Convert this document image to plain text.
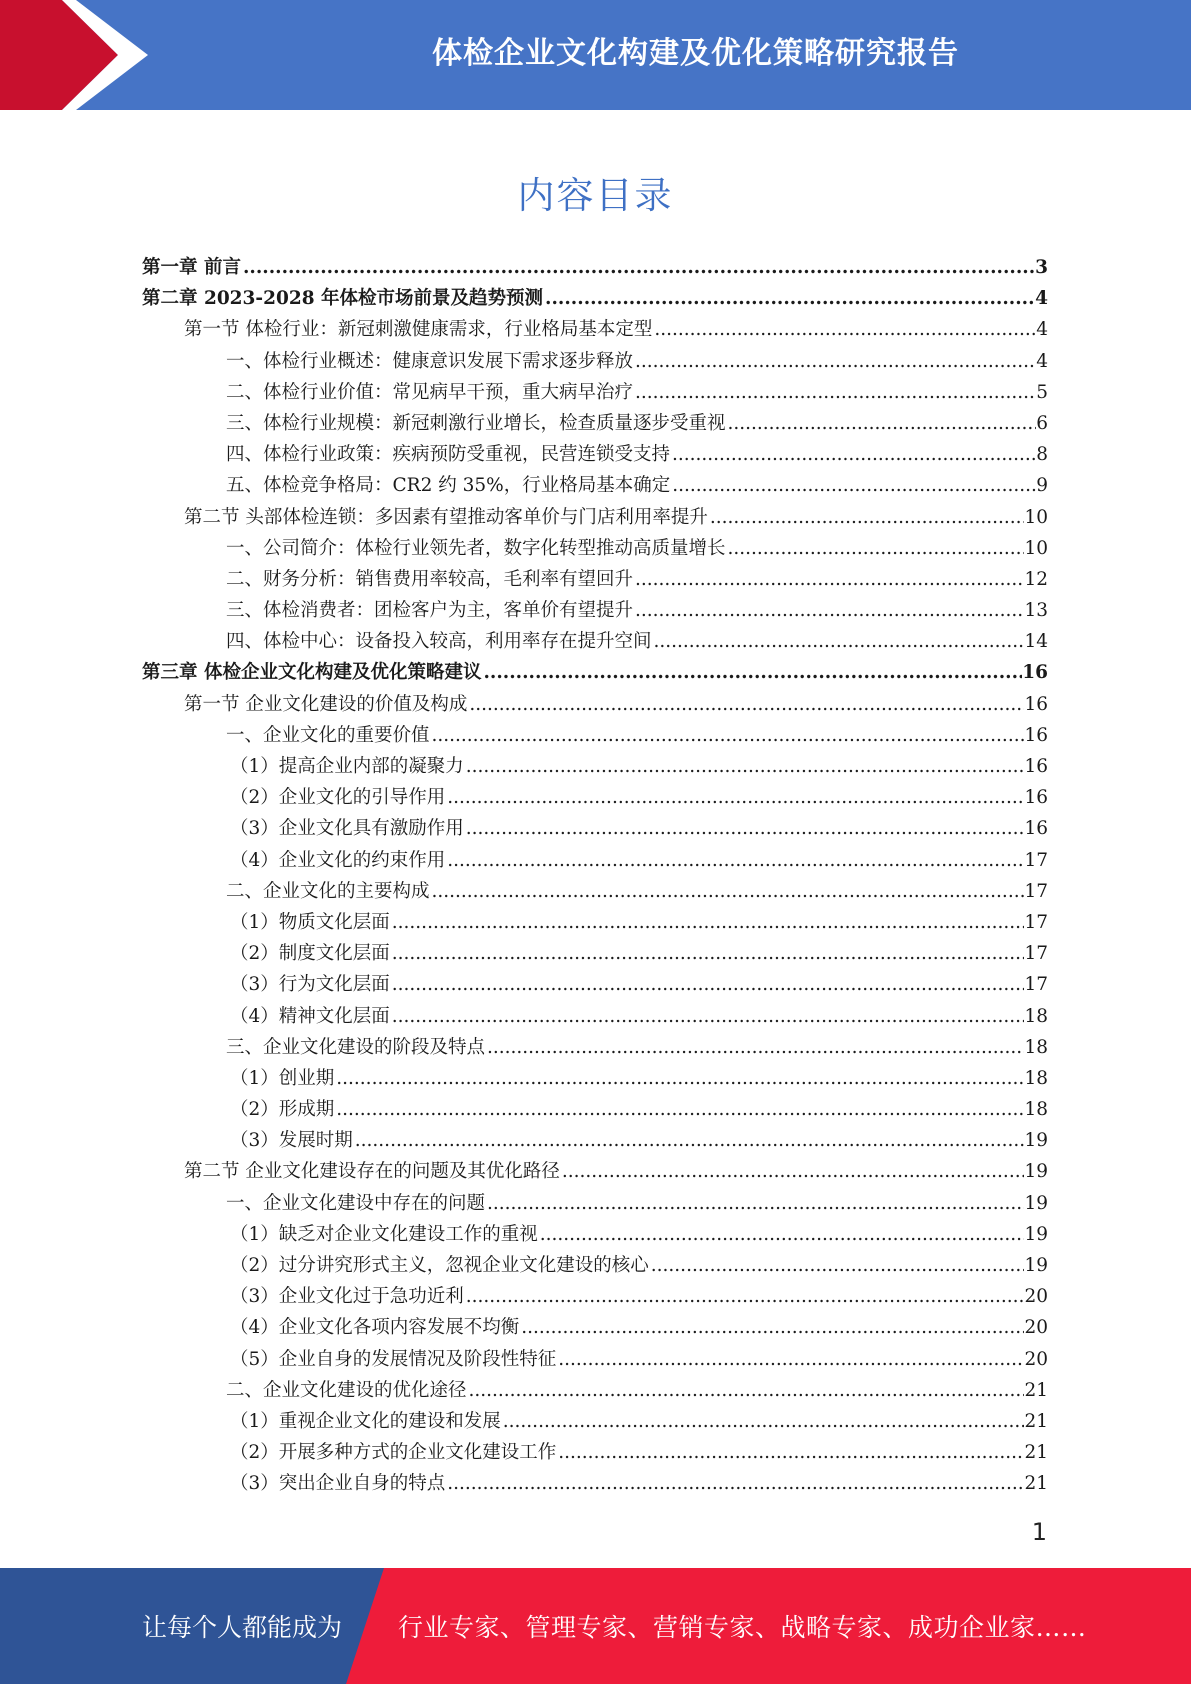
体检企业文化构建及优化策略研究报告
内容目录
第一章 前言 .....	3
第二章 2023-2028 年体检市场前景及趋势预测 .....	4
第一节 体检行业：新冠刺激健康需求，行业格局基本定型 .....	4
一、体检行业概述：健康意识发展下需求逐步释放 .....	4
二、体检行业价值：常见病早干预，重大病早治疗 .....	5
三、体检行业规模：新冠刺激行业增长，检查质量逐步受重视 .....	6
四、体检行业政策：疾病预防受重视，民营连锁受支持 .....	8
五、体检竞争格局：CR2 约 35%，行业格局基本确定 .....	9
第二节 头部体检连锁：多因素有望推动客单价与门店利用率提升 .....	10
一、公司简介：体检行业领先者，数字化转型推动高质量增长 .....	10
二、财务分析：销售费用率较高，毛利率有望回升 .....	12
三、体检消费者：团检客户为主，客单价有望提升 .....	13
四、体检中心：设备投入较高，利用率存在提升空间 .....	14
第三章 体检企业文化构建及优化策略建议 .....	16
第一节 企业文化建设的价值及构成 .....	16
一、企业文化的重要价值 .....	16
（1）提高企业内部的凝聚力 .....	16
（2）企业文化的引导作用 .....	16
（3）企业文化具有激励作用 .....	16
（4）企业文化的约束作用 .....	17
二、企业文化的主要构成 .....	17
（1）物质文化层面 .....	17
（2）制度文化层面 .....	17
（3）行为文化层面 .....	17
（4）精神文化层面 .....	18
三、企业文化建设的阶段及特点 .....	18
（1）创业期 .....	18
（2）形成期 .....	18
（3）发展时期 .....	19
第二节 企业文化建设存在的问题及其优化路径 .....	19
一、企业文化建设中存在的问题 .....	19
（1）缺乏对企业文化建设工作的重视 .....	19
（2）过分讲究形式主义，忽视企业文化建设的核心 .....	19
（3）企业文化过于急功近利 .....	20
（4）企业文化各项内容发展不均衡 .....	20
（5）企业自身的发展情况及阶段性特征 .....	20
二、企业文化建设的优化途径 .....	21
（1）重视企业文化的建设和发展 .....	21
（2）开展多种方式的企业文化建设工作 .....	21
（3）突出企业自身的特点 .....	21
1
让每个人都能成为 行业专家、管理专家、营销专家、战略专家、成功企业家……
